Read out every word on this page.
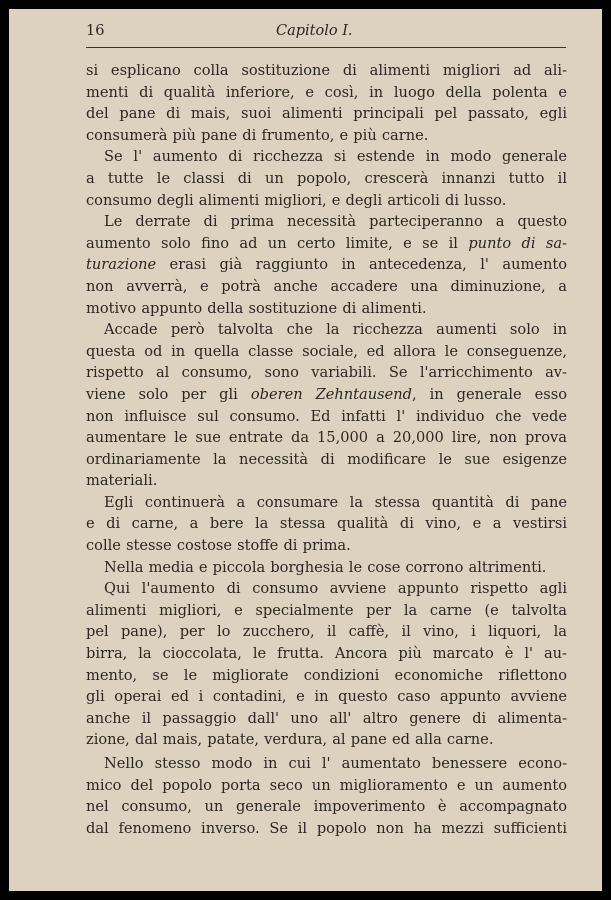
16	Capitolo I.
si esplicano colla sostituzione di alimenti migliori ad ali-
menti di qualità inferiore, e così, in luogo della polenta e
del pane di mais, suoi alimenti principali pel passato, egli
consumerà più pane di frumento, e più carne.
Se l' aumento di ricchezza si estende in modo generale
a tutte le classi di un popolo, crescerà innanzi tutto il
consumo degli alimenti migliori, e degli articoli di lusso.
Le derrate di prima necessità parteciperanno a questo
aumento solo fino ad un certo limite, e se il punto di sa-
turazione erasi già raggiunto in antecedenza, l' aumento
non avverrà, e potrà anche accadere una diminuzione, a
motivo appunto della sostituzione di alimenti.
Accade però talvolta che la ricchezza aumenti solo in
questa od in quella classe sociale, ed allora le conseguenze,
rispetto al consumo, sono variabili. Se l'arricchimento av-
viene solo per gli oberen Zehntausend, in generale esso
non influisce sul consumo. Ed infatti l' individuo che vede
aumentare le sue entrate da 15,000 a 20,000 lire, non prova
ordinariamente la necessità di modificare le sue esigenze
materiali.
Egli continuerà a consumare la stessa quantità di pane
e di carne, a bere la stessa qualità di vino, e a vestirsi
colle stesse costose stoffe di prima.
Nella media e piccola borghesia le cose corrono altrimenti.
Qui l'aumento di consumo avviene appunto rispetto agli
alimenti migliori, e specialmente per la carne (e talvolta
pel pane), per lo zucchero, il caffè, il vino, i liquori, la
birra, la cioccolata, le frutta. Ancora più marcato è l' au-
mento, se le migliorate condizioni economiche riflettono
gli operai ed i contadini, e in questo caso appunto avviene
anche il passaggio dall' uno all' altro genere di alimenta-
zione, dal mais, patate, verdura, al pane ed alla carne.
Nello stesso modo in cui l' aumentato benessere econo-
mico del popolo porta seco un miglioramento e un aumento
nel consumo, un generale impoverimento è accompagnato
dal fenomeno inverso. Se il popolo non ha mezzi sufficienti
